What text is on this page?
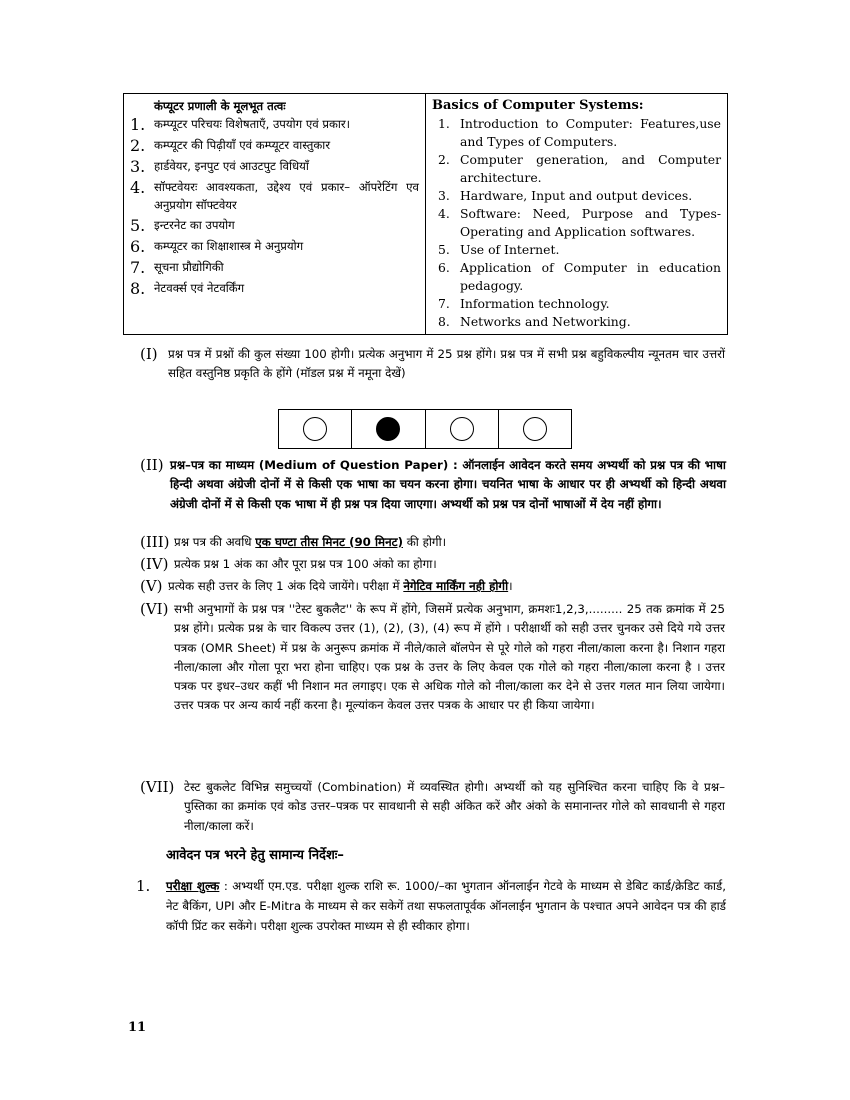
कंप्यूटर प्रणाली के मूलभूत तत्वः
1. कम्प्यूटर परिचयः विशेषताएँ, उपयोग एवं प्रकार।
2. कम्प्यूटर की पिढ़ीयाँ एवं कम्प्यूटर वास्तुकार
3. हार्डवेयर, इनपुट एवं आउटपुट विधियाँ
4. सॉफ्टवेयरः आवश्यकता, उद्देश्य एवं प्रकार– ऑपरेटिंग एव अनुप्रयोग सॉफ्टवेयर
5. इन्टरनेट का उपयोग
6. कम्प्यूटर का शिक्षाशास्त्र मे अनुप्रयोग
7. सूचना प्रौद्योगिकी
8. नेटवर्क्स एवं नेटवर्किंग
Basics of Computer Systems:
1. Introduction to Computer: Features,use and Types of Computers.
2. Computer generation, and Computer architecture.
3. Hardware, Input and output devices.
4. Software: Need, Purpose and Types-Operating and Application softwares.
5. Use of Internet.
6. Application of Computer in education pedagogy.
7. Information technology.
8. Networks and Networking.
(I) प्रश्न पत्र में प्रश्नों की कुल संख्या 100 होगी। प्रत्येक अनुभाग में 25 प्रश्न होंगे। प्रश्न पत्र में सभी प्रश्न बहुविकल्पीय न्यूनतम चार उत्तरों सहित वस्तुनिष्ठ प्रकृति के होंगे (मॉडल प्रश्न में नमूना देखें)
(II) प्रश्न–पत्र का माध्यम (Medium of Question Paper) : ऑनलाईन आवेदन करते समय अभ्यर्थी को प्रश्न पत्र की भाषा हिन्दी अथवा अंग्रेजी दोनों में से किसी एक भाषा का चयन करना होगा। चयनित भाषा के आधार पर ही अभ्यर्थी को हिन्दी अथवा अंग्रेजी दोनों में से किसी एक भाषा में ही प्रश्न पत्र दिया जाएगा। अभ्यर्थी को प्रश्न पत्र दोनों भाषाओं में देय नहीं होगा।
(III) प्रश्न पत्र की अवधि एक घण्टा तीस मिनट (90 मिनट) की होगी।
(IV) प्रत्येक प्रश्न 1 अंक का और पूरा प्रश्न पत्र 100 अंको का होगा।
(V) प्रत्येक सही उत्तर के लिए 1 अंक दिये जायेंगे। परीक्षा में नेगेटिव मार्किंग नही होगी।
(VI) सभी अनुभागों के प्रश्न पत्र ''टेस्ट बुकलैट'' के रूप में होंगे, जिसमें प्रत्येक अनुभाग, क्रमशः1,2,3,......... 25 तक क्रमांक में 25 प्रश्न होंगे। प्रत्येक प्रश्न के चार विकल्प उत्तर (1), (2), (3), (4) रूप में होंगे । परीक्षार्थी को सही उत्तर चुनकर उसे दिये गये उत्तर पत्रक (OMR Sheet) में प्रश्न के अनुरूप क्रमांक में नीले/काले बॉलपेन से पूरे गोले को गहरा नीला/काला करना है। निशान गहरा नीला/काला और गोला पूरा भरा होना चाहिए। एक प्रश्न के उत्तर के लिए केवल एक गोले को गहरा नीला/काला करना है । उत्तर पत्रक पर इधर–उधर कहीं भी निशान मत लगाइए। एक से अधिक गोले को नीला/काला कर देने से उत्तर गलत मान लिया जायेगा। उत्तर पत्रक पर अन्य कार्य नहीं करना है। मूल्यांकन केवल उत्तर पत्रक के आधार पर ही किया जायेगा।
(VII) टेस्ट बुकलेट विभिन्न समुच्चयों (Combination) में व्यवस्थित होगी। अभ्यर्थी को यह सुनिश्चित करना चाहिए कि वे प्रश्न–पुस्तिका का क्रमांक एवं कोड उत्तर–पत्रक पर सावधानी से सही अंकित करें और अंको के समानान्तर गोले को सावधानी से गहरा नीला/काला करें।
आवेदन पत्र भरने हेतु सामान्य निर्देशः–
1.	परीक्षा शुल्क : अभ्यर्थी एम.एड. परीक्षा शुल्क राशि रू. 1000/–का भुगतान ऑनलाईन गेटवे के माध्यम से डेबिट कार्ड/क्रेडिट कार्ड, नेट बैकिंग, UPI और E-Mitra के माध्यम से कर सकेगें तथा सफलतापूर्वक ऑनलाईन भुगतान के पश्चात अपने आवेदन पत्र की हार्ड कॉपी प्रिंट कर सकेंगे। परीक्षा शुल्क उपरोक्त माध्यम से ही स्वीकार होगा।
11
